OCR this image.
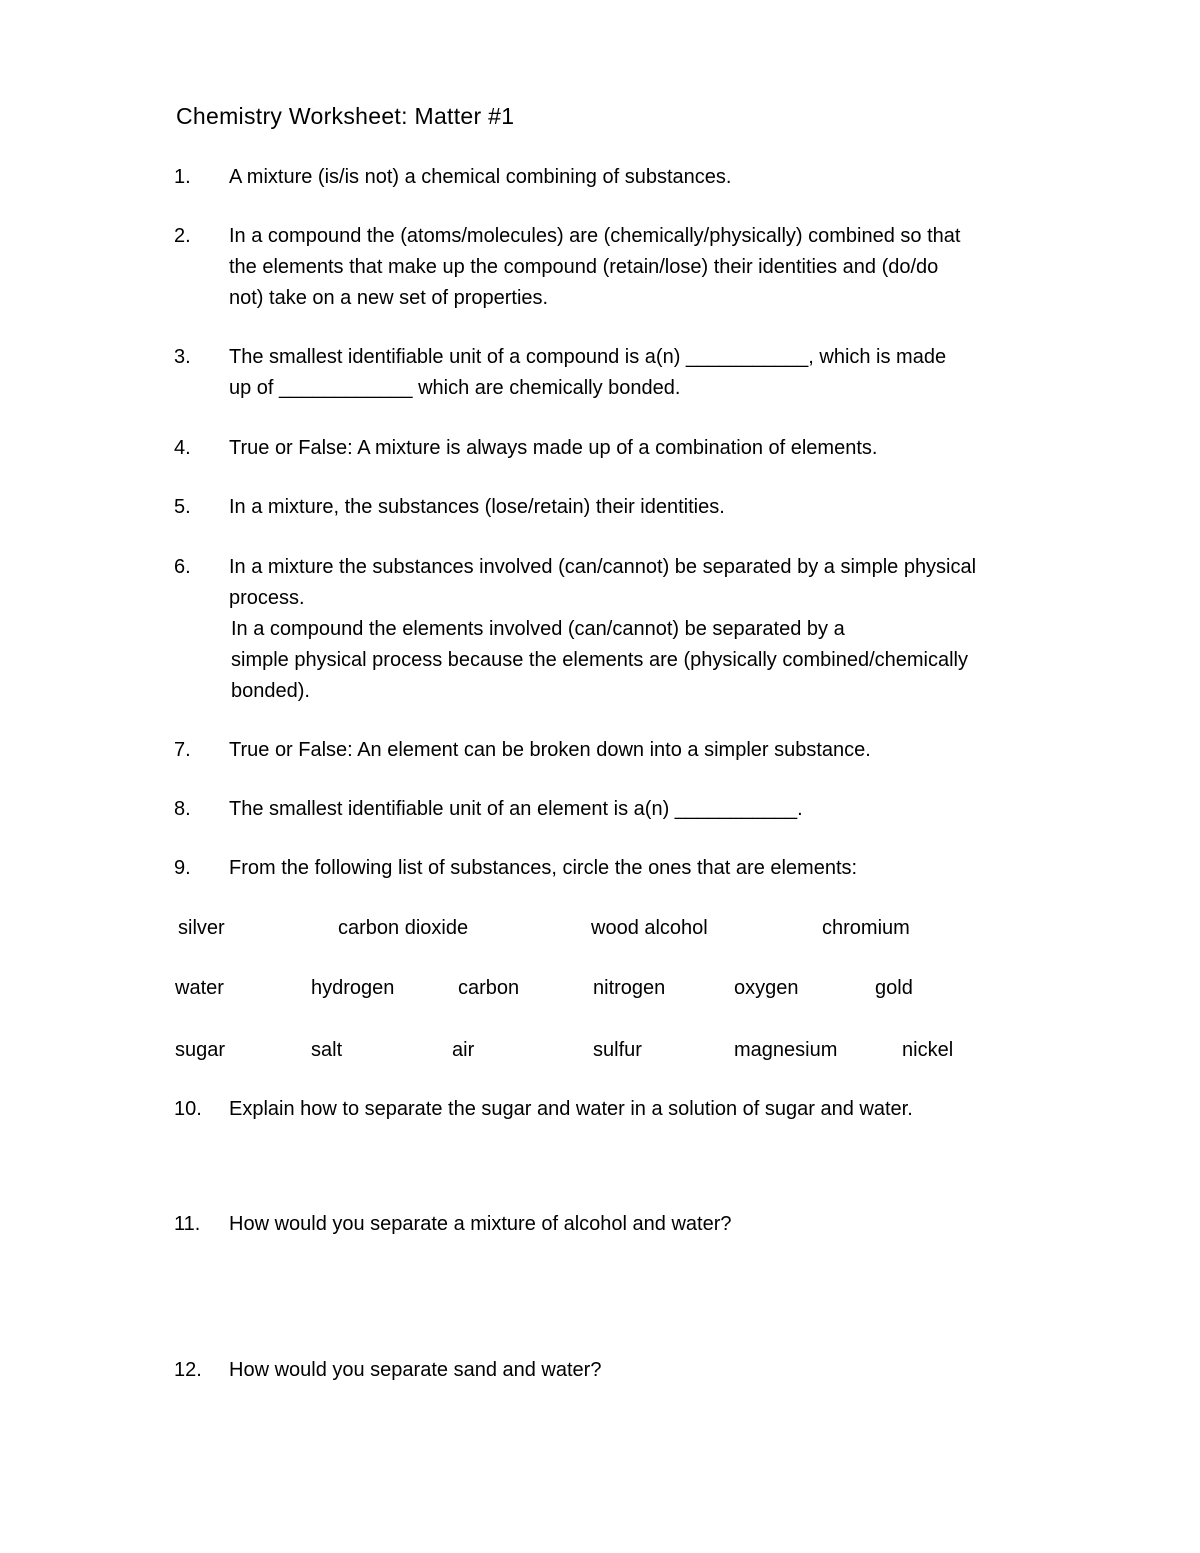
Chemistry Worksheet: Matter #1
1.	A mixture (is/is not) a chemical combining of substances.
2.	In a compound the (atoms/molecules) are (chemically/physically) combined so that
the elements that make up the compound (retain/lose) their identities and (do/do
not) take on a new set of properties.
3.	The smallest identifiable unit of a compound is a(n) ___________, which is made
up of ____________ which are chemically bonded.
4.	True or False: A mixture is always made up of a combination of elements.
5.	In a mixture, the substances (lose/retain) their identities.
6.	In a mixture the substances involved (can/cannot) be separated by a simple physical
process.
In a compound the elements involved (can/cannot) be separated by a
simple physical process because the elements are (physically combined/chemically
bonded).
7.	True or False: An element can be broken down into a simpler substance.
8.	The smallest identifiable unit of an element is a(n) ___________.
9.	From the following list of substances, circle the ones that are elements:
silver	carbon dioxide	wood alcohol	chromium
water	hydrogen	carbon	nitrogen	oxygen	gold
sugar	salt	air	sulfur	magnesium	nickel
10.	Explain how to separate the sugar and water in a solution of sugar and water.
11.	How would you separate a mixture of alcohol and water?
12.	How would you separate sand and water?
